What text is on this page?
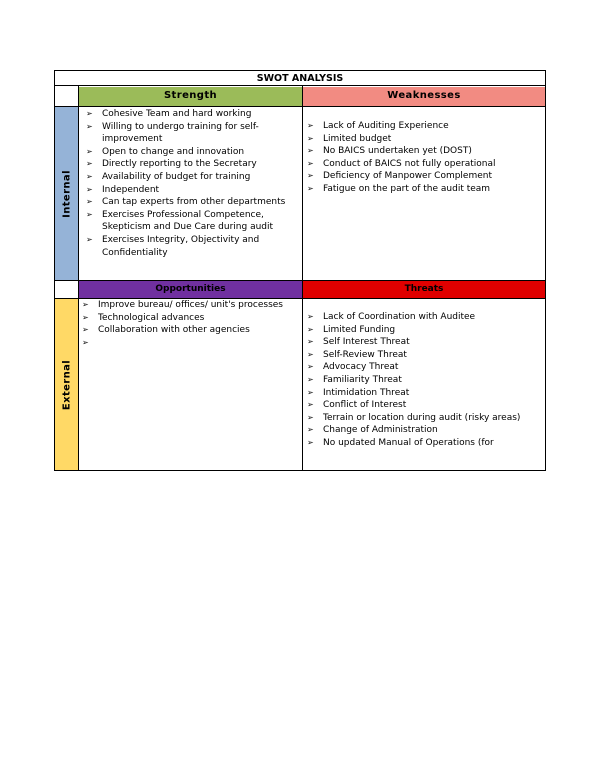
SWOT ANALYSIS
Strength	Weaknesses
Internal
➢ Cohesive Team and hard working
➢ Willing to undergo training for self-improvement
➢ Open to change and innovation
➢ Directly reporting to the Secretary
➢ Availability of budget for training
➢ Independent
➢ Can tap experts from other departments
➢ Exercises Professional Competence, Skepticism and Due Care during audit
➢ Exercises Integrity, Objectivity and Confidentiality
➢ Lack of Auditing Experience
➢ Limited budget
➢ No BAICS undertaken yet (DOST)
➢ Conduct of BAICS not fully operational
➢ Deficiency of Manpower Complement
➢ Fatigue on the part of the audit team
Opportunities	Threats
External
➢ Improve bureau/ offices/ unit's processes
➢ Technological advances
➢ Collaboration with other agencies
➢ Lack of Coordination with Auditee
➢ Limited Funding
➢ Self Interest Threat
➢ Self-Review Threat
➢ Advocacy Threat
➢ Familiarity Threat
➢ Intimidation Threat
➢ Conflict of Interest
➢ Terrain or location during audit (risky areas)
➢ Change of Administration
➢ No updated Manual of Operations (for
